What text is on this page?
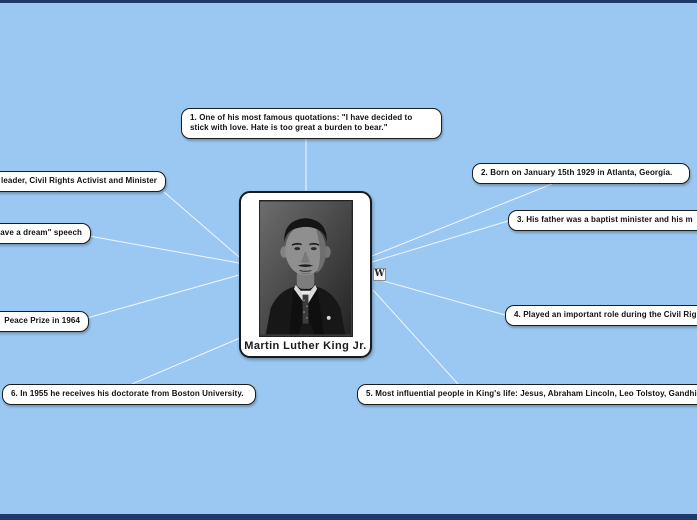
Martin Luther King Jr.
W
1. One of his most famous quotations: "I have decided to stick with love. Hate is too great a burden to bear."
2. Born on January 15th 1929 in Atlanta, Georgia.
3. His father was a baptist minister and his m
4. Played an important role during the Civil Rig
5. Most influential people in King's life: Jesus, Abraham Lincoln, Leo Tolstoy, Gandhi
6. In 1955 he receives his doctorate from Boston University.
leader, Civil Rights Activist and Minister
ave a dream" speech
Peace Prize in 1964
